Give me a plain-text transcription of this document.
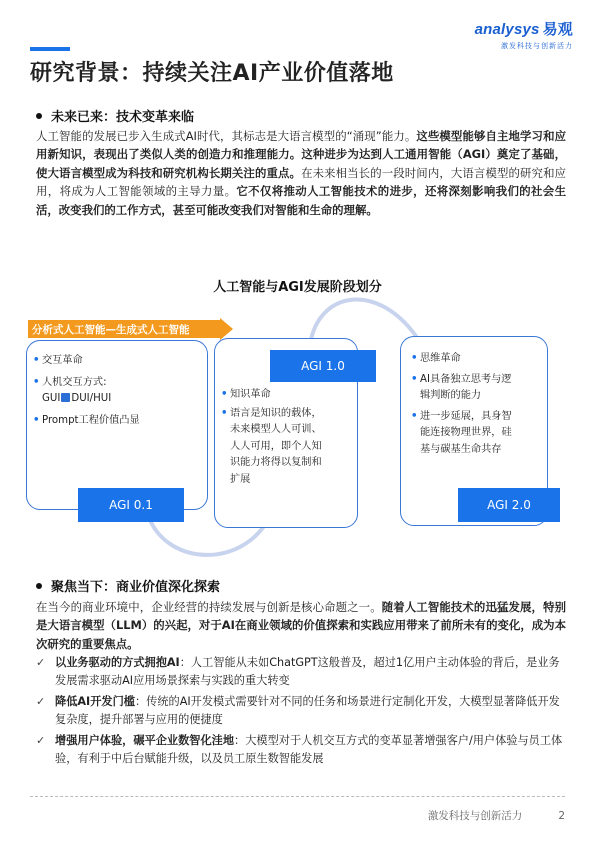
analysys 易观
激发科技与创新活力
研究背景：持续关注AI产业价值落地
未来已来：技术变革来临
人工智能的发展已步入生成式AI时代，其标志是大语言模型的“涌现”能力。这些模型能够自主地学习和应用新知识，表现出了类似人类的创造力和推理能力。这种进步为达到人工通用智能（AGI）奠定了基础，使大语言模型成为科技和研究机构长期关注的重点。在未来相当长的一段时间内，大语言模型的研究和应用，将成为人工智能领域的主导力量。它不仅将推动人工智能技术的进步，还将深刻影响我们的社会生活，改变我们的工作方式，甚至可能改变我们对智能和生命的理解。
人工智能与AGI发展阶段划分
分析式人工智能—生成式人工智能
• 交互革命
• 人机交互方式:
GUI DUI/HUI
• Prompt工程价值凸显
AGI 0.1
• 知识革命
• 语言是知识的载体，
未来模型人人可训、
人人可用，即个人知
识能力将得以复制和
扩展
AGI 1.0
• 思维革命
• AI具备独立思考与逻
辑判断的能力
• 进一步延展，具身智
能连接物理世界，硅
基与碳基生命共存
AGI 2.0
聚焦当下：商业价值深化探索
在当今的商业环境中，企业经营的持续发展与创新是核心命题之一。随着人工智能技术的迅猛发展，特别是大语言模型（LLM）的兴起，对于AI在商业领域的价值探索和实践应用带来了前所未有的变化，成为本次研究的重要焦点。
✓ 以业务驱动的方式拥抱AI：人工智能从未如ChatGPT这般普及，超过1亿用户主动体验的背后，是业务发展需求驱动AI应用场景探索与实践的重大转变
✓ 降低AI开发门槛：传统的AI开发模式需要针对不同的任务和场景进行定制化开发，大模型显著降低开发复杂度，提升部署与应用的便捷度
✓ 增强用户体验，碾平企业数智化洼地：大模型对于人机交互方式的变革显著增强客户/用户体验与员工体验，有利于中后台赋能升级，以及员工原生数智能发展
激发科技与创新活力	2
